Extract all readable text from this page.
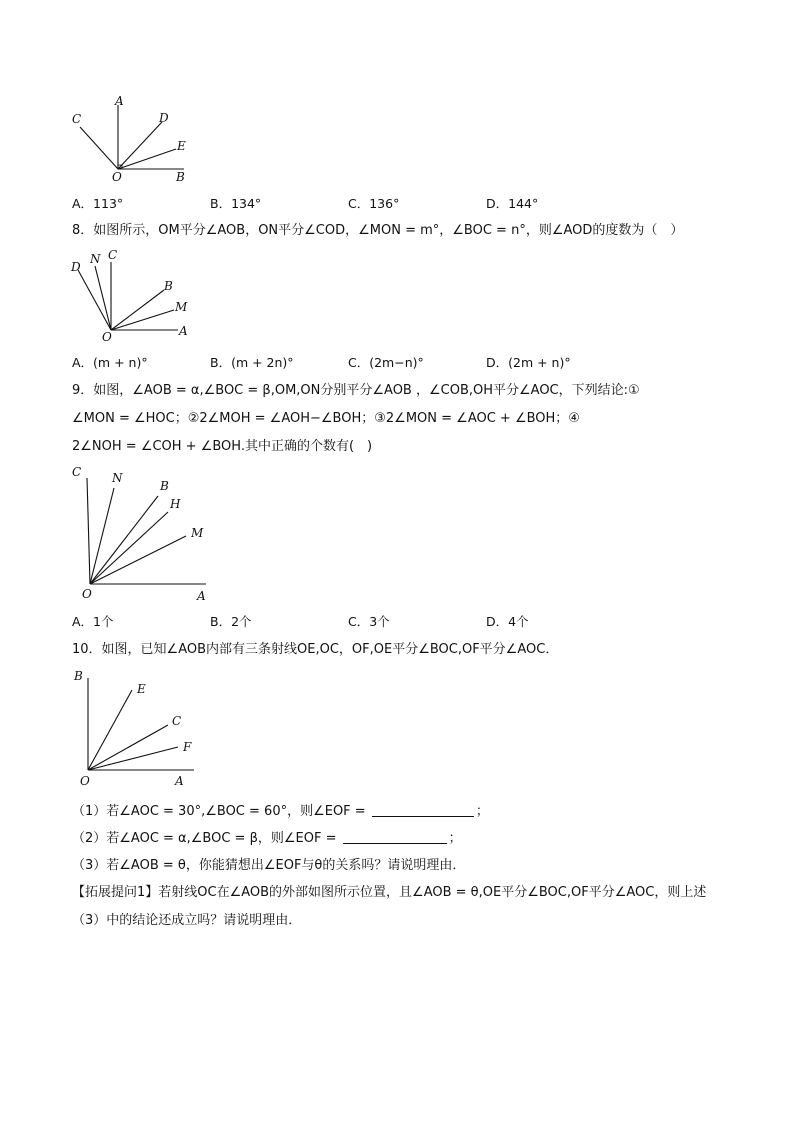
A
C	D
E
O	B
A．113°	B．134°	C．136°	D．144°
8．如图所示，OM平分∠AOB，ON平分∠COD，∠MON = m°，∠BOC = n°，则∠AOD的度数为（　）
D
N C
B
M
A
O
A．(m + n)°	B．(m + 2n)°	C．(2m−n)°	D．(2m + n)°
9．如图，∠AOB = α,∠BOC = β,OM,ON分别平分∠AOB ，∠COB,OH平分∠AOC，下列结论:①
∠MON = ∠HOC；②2∠MOH = ∠AOH−∠BOH；③2∠MON = ∠AOC + ∠BOH；④
2∠NOH = ∠COH + ∠BOH.其中正确的个数有(　)
C	N
B
H
M
O	A
A．1个	B．2个	C．3个	D．4个
10．如图，已知∠AOB内部有三条射线OE,OC，OF,OE平分∠BOC,OF平分∠AOC．
B
E
C
F
O	A
（1）若∠AOC = 30°,∠BOC = 60°，则∠EOF =	；
（2）若∠AOC = α,∠BOC = β，则∠EOF =	；
（3）若∠AOB = θ，你能猜想出∠EOF与θ的关系吗？请说明理由．
【拓展提问1】若射线OC在∠AOB的外部如图所示位置，且∠AOB = θ,OE平分∠BOC,OF平分∠AOC，则上述
（3）中的结论还成立吗？请说明理由．
